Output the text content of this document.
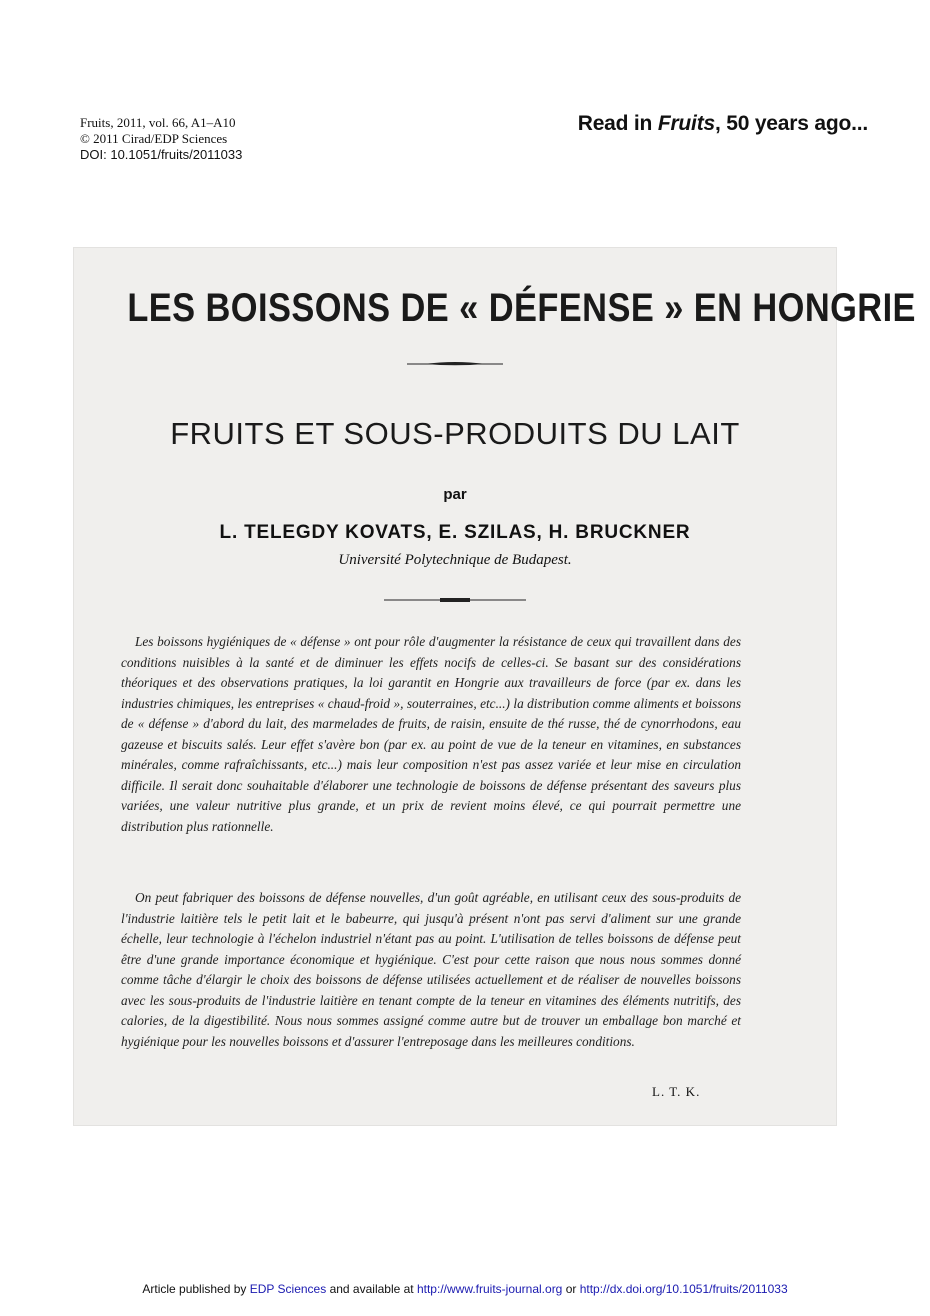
Fruits, 2011, vol. 66, A1–A10
© 2011 Cirad/EDP Sciences
DOI: 10.1051/fruits/2011033
Read in Fruits, 50 years ago...
LES BOISSONS DE « DÉFENSE » EN HONGRIE
FRUITS ET SOUS-PRODUITS DU LAIT
par
L. TELEGDY KOVATS, E. SZILAS, H. BRUCKNER
Université Polytechnique de Budapest.

Les boissons hygiéniques de « défense » ont pour rôle d'augmenter la résistance de ceux qui travaillent dans des conditions nuisibles à la santé et de diminuer les effets nocifs de celles-ci. Se basant sur des considérations théoriques et des observations pratiques, la loi garantit en Hongrie aux travailleurs de force (par ex. dans les industries chimiques, les entreprises « chaud-froid », souterraines, etc...) la distribution comme aliments et boissons de « défense » d'abord du lait, des marmelades de fruits, de raisin, ensuite de thé russe, thé de cynorrhodons, eau gazeuse et biscuits salés. Leur effet s'avère bon (par ex. au point de vue de la teneur en vitamines, en substances minérales, comme rafraîchissants, etc...) mais leur composition n'est pas assez variée et leur mise en circulation difficile. Il serait donc souhaitable d'élaborer une technologie de boissons de défense présentant des saveurs plus variées, une valeur nutritive plus grande, et un prix de revient moins élevé, ce qui pourrait permettre une distribution plus rationnelle.

On peut fabriquer des boissons de défense nouvelles, d'un goût agréable, en utilisant ceux des sous-produits de l'industrie laitière tels le petit lait et le babeurre, qui jusqu'à présent n'ont pas servi d'aliment sur une grande échelle, leur technologie à l'échelon industriel n'étant pas au point. L'utilisation de telles boissons de défense peut être d'une grande importance économique et hygiénique. C'est pour cette raison que nous nous sommes donné comme tâche d'élargir le choix des boissons de défense utilisées actuellement et de réaliser de nouvelles boissons avec les sous-produits de l'industrie laitière en tenant compte de la teneur en vitamines des éléments nutritifs, des calories, de la digestibilité. Nous nous sommes assigné comme autre but de trouver un emballage bon marché et hygiénique pour les nouvelles boissons et d'assurer l'entreposage dans les meilleures conditions.

L. T. K.
Article published by EDP Sciences and available at http://www.fruits-journal.org or http://dx.doi.org/10.1051/fruits/2011033
